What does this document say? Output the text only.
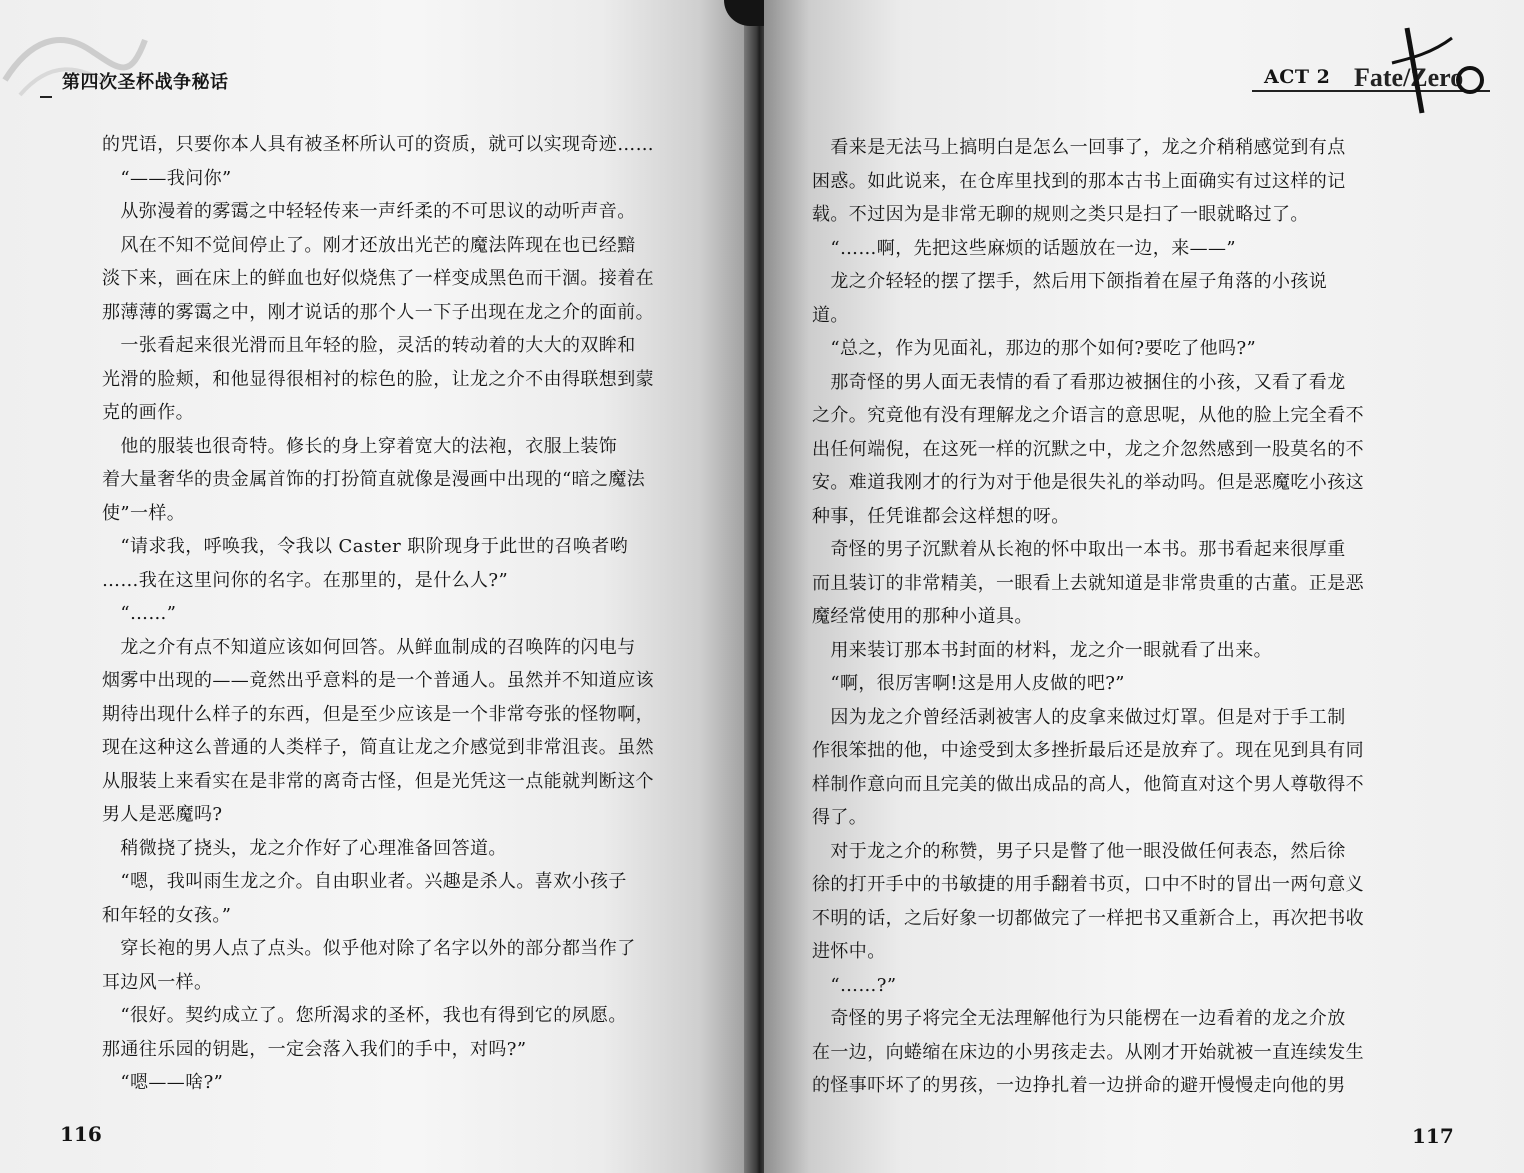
第四次圣杯战争秘话
的咒语，只要你本人具有被圣杯所认可的资质，就可以实现奇迹……
　“——我问你”
　从弥漫着的雾霭之中轻轻传来一声纤柔的不可思议的动听声音。
　风在不知不觉间停止了。刚才还放出光芒的魔法阵现在也已经黯
淡下来，画在床上的鲜血也好似烧焦了一样变成黑色而干涸。接着在
那薄薄的雾霭之中，刚才说话的那个人一下子出现在龙之介的面前。
　一张看起来很光滑而且年轻的脸，灵活的转动着的大大的双眸和
光滑的脸颊，和他显得很相衬的棕色的脸，让龙之介不由得联想到蒙
克的画作。
　他的服装也很奇特。修长的身上穿着宽大的法袍，衣服上装饰
着大量奢华的贵金属首饰的打扮简直就像是漫画中出现的“暗之魔法
使”一样。
　“请求我，呼唤我，令我以 Caster 职阶现身于此世的召唤者哟
……我在这里问你的名字。在那里的，是什么人?”
　“……”
　龙之介有点不知道应该如何回答。从鲜血制成的召唤阵的闪电与
烟雾中出现的——竟然出乎意料的是一个普通人。虽然并不知道应该
期待出现什么样子的东西，但是至少应该是一个非常夸张的怪物啊，
现在这种这么普通的人类样子，简直让龙之介感觉到非常沮丧。虽然
从服装上来看实在是非常的离奇古怪，但是光凭这一点能就判断这个
男人是恶魔吗?
　稍微挠了挠头，龙之介作好了心理准备回答道。
　“嗯，我叫雨生龙之介。自由职业者。兴趣是杀人。喜欢小孩子
和年轻的女孩。”
　穿长袍的男人点了点头。似乎他对除了名字以外的部分都当作了
耳边风一样。
　“很好。契约成立了。您所渴求的圣杯，我也有得到它的夙愿。
那通往乐园的钥匙，一定会落入我们的手中，对吗?”
　“嗯——啥?”
116
ACT 2 Fate/Zero
　看来是无法马上搞明白是怎么一回事了，龙之介稍稍感觉到有点
困惑。如此说来，在仓库里找到的那本古书上面确实有过这样的记
载。不过因为是非常无聊的规则之类只是扫了一眼就略过了。
　“……啊，先把这些麻烦的话题放在一边，来——”
　龙之介轻轻的摆了摆手，然后用下颌指着在屋子角落的小孩说
道。
　“总之，作为见面礼，那边的那个如何?要吃了他吗?”
　那奇怪的男人面无表情的看了看那边被捆住的小孩，又看了看龙
之介。究竟他有没有理解龙之介语言的意思呢，从他的脸上完全看不
出任何端倪，在这死一样的沉默之中，龙之介忽然感到一股莫名的不
安。难道我刚才的行为对于他是很失礼的举动吗。但是恶魔吃小孩这
种事，任凭谁都会这样想的呀。
　奇怪的男子沉默着从长袍的怀中取出一本书。那书看起来很厚重
而且装订的非常精美，一眼看上去就知道是非常贵重的古董。正是恶
魔经常使用的那种小道具。
　用来装订那本书封面的材料，龙之介一眼就看了出来。
　“啊，很厉害啊!这是用人皮做的吧?”
　因为龙之介曾经活剥被害人的皮拿来做过灯罩。但是对于手工制
作很笨拙的他，中途受到太多挫折最后还是放弃了。现在见到具有同
样制作意向而且完美的做出成品的高人，他简直对这个男人尊敬得不
得了。
　对于龙之介的称赞，男子只是瞥了他一眼没做任何表态，然后徐
徐的打开手中的书敏捷的用手翻着书页，口中不时的冒出一两句意义
不明的话，之后好象一切都做完了一样把书又重新合上，再次把书收
进怀中。
　“……?”
　奇怪的男子将完全无法理解他行为只能楞在一边看着的龙之介放
在一边，向蜷缩在床边的小男孩走去。从刚才开始就被一直连续发生
的怪事吓坏了的男孩，一边挣扎着一边拼命的避开慢慢走向他的男
117
